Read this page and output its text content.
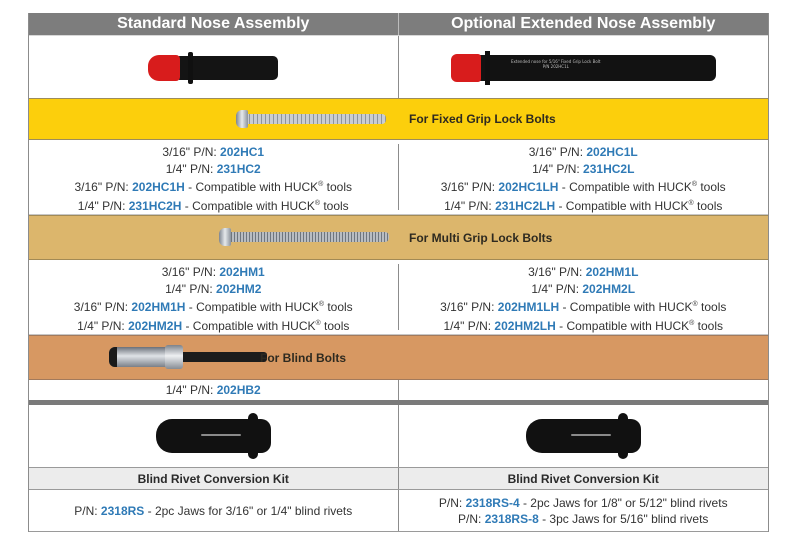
Standard Nose Assembly	Optional Extended Nose Assembly
Extended nose for 5/16" Fixed Grip Lock Bolt
P/N 202HC1L
For Fixed Grip Lock Bolts
3/16" P/N: 202HC1
1/4" P/N: 231HC2
3/16" P/N: 202HC1H - Compatible with HUCK® tools
1/4" P/N: 231HC2H - Compatible with HUCK® tools
3/16" P/N: 202HC1L
1/4" P/N: 231HC2L
3/16" P/N: 202HC1LH - Compatible with HUCK® tools
1/4" P/N: 231HC2LH - Compatible with HUCK® tools
For Multi Grip Lock Bolts
3/16" P/N: 202HM1
1/4" P/N: 202HM2
3/16" P/N: 202HM1H - Compatible with HUCK® tools
1/4" P/N: 202HM2H - Compatible with HUCK® tools
3/16" P/N: 202HM1L
1/4" P/N: 202HM2L
3/16" P/N: 202HM1LH - Compatible with HUCK® tools
1/4" P/N: 202HM2LH - Compatible with HUCK® tools
For Blind Bolts
1/4" P/N: 202HB2
Blind Rivet Conversion Kit	Blind Rivet Conversion Kit
P/N: 2318RS - 2pc Jaws for 3/16" or 1/4" blind rivets
P/N: 2318RS-4 - 2pc Jaws for 1/8" or 5/12" blind rivets
P/N: 2318RS-8 - 3pc Jaws for 5/16" blind rivets
